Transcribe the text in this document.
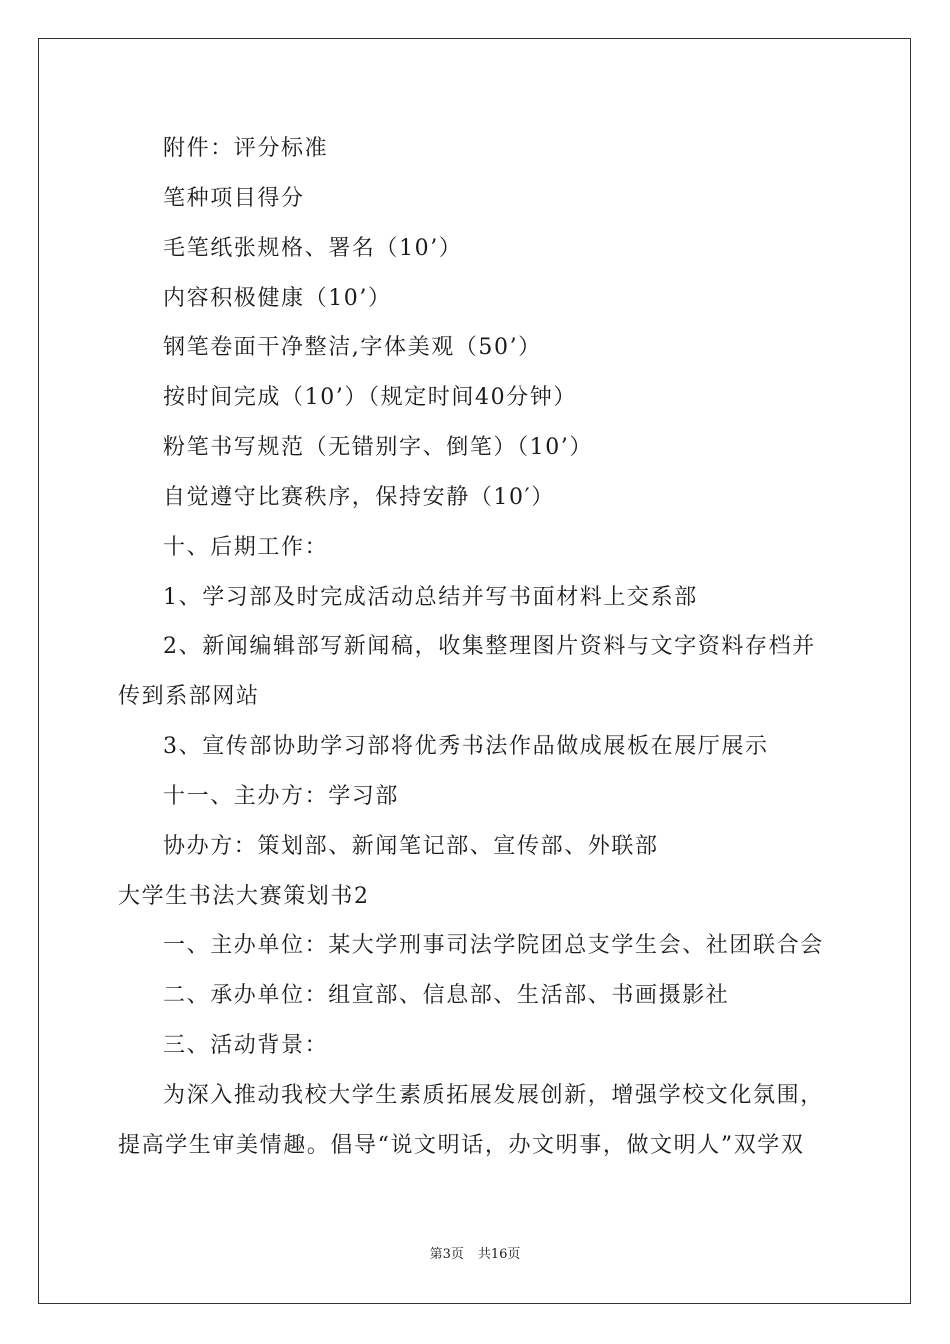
附件：评分标准
笔种项目得分
毛笔纸张规格、署名（10’）
内容积极健康（10’）
钢笔卷面干净整洁,字体美观（50’）
按时间完成（10’）（规定时间40分钟）
粉笔书写规范（无错别字、倒笔）（10’）
自觉遵守比赛秩序，保持安静（10′）
十、后期工作：
1、学习部及时完成活动总结并写书面材料上交系部
2、新闻编辑部写新闻稿，收集整理图片资料与文字资料存档并
传到系部网站
3、宣传部协助学习部将优秀书法作品做成展板在展厅展示
十一、主办方：学习部
协办方：策划部、新闻笔记部、宣传部、外联部
大学生书法大赛策划书2
一、主办单位：某大学刑事司法学院团总支学生会、社团联合会
二、承办单位：组宣部、信息部、生活部、书画摄影社
三、活动背景：
为深入推动我校大学生素质拓展发展创新，增强学校文化氛围，
提高学生审美情趣。倡导“说文明话，办文明事，做文明人”双学双
第3页 共16页
